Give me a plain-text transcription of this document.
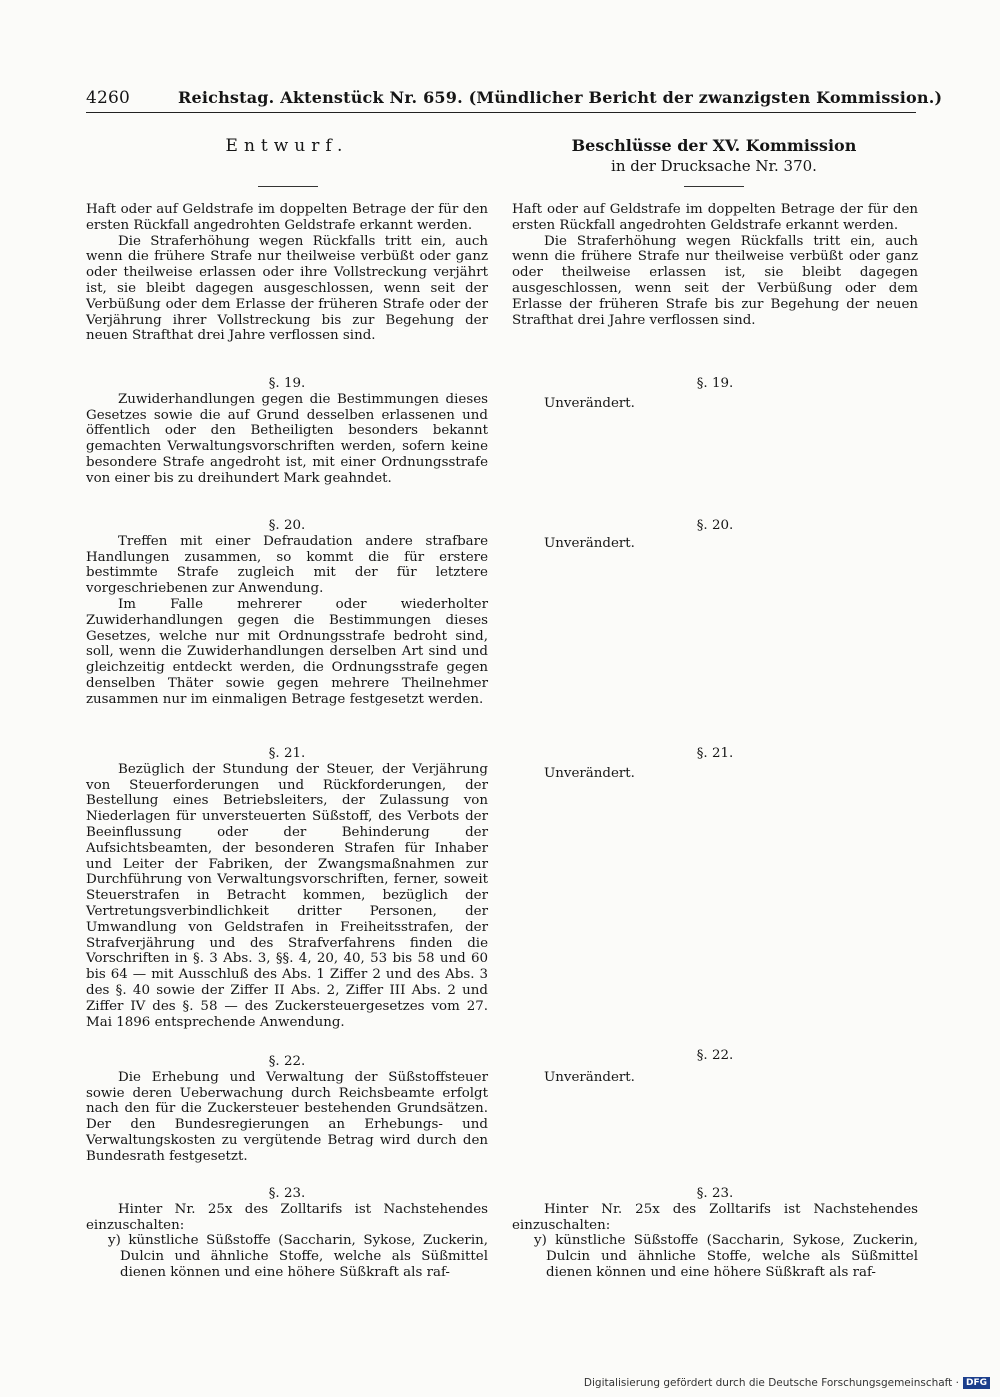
4260	Reichstag. Aktenstück Nr. 659. (Mündlicher Bericht der zwanzigsten Kommission.)
Entwurf.	Beschlüsse der XV. Kommission
in der Drucksache Nr. 370.

Haft oder auf Geldstrafe im doppelten Betrage der für den ersten Rückfall angedrohten Geldstrafe erkannt werden.

Die Straferhöhung wegen Rückfalls tritt ein, auch wenn die frühere Strafe nur theilweise verbüßt oder ganz oder theilweise erlassen oder ihre Vollstreckung verjährt ist, sie bleibt dagegen ausgeschlossen, wenn seit der Verbüßung oder dem Erlasse der früheren Strafe oder der Verjährung ihrer Vollstreckung bis zur Begehung der neuen Strafthat drei Jahre verflossen sind.

§. 19.

Zuwiderhandlungen gegen die Bestimmungen dieses Gesetzes sowie die auf Grund desselben erlassenen und öffentlich oder den Betheiligten besonders bekannt gemachten Verwaltungsvorschriften werden, sofern keine besondere Strafe angedroht ist, mit einer Ordnungsstrafe von einer bis zu dreihundert Mark geahndet.

§. 20.

Treffen mit einer Defraudation andere strafbare Handlungen zusammen, so kommt die für erstere bestimmte Strafe zugleich mit der für letztere vorgeschriebenen zur Anwendung.

Im Falle mehrerer oder wiederholter Zuwiderhandlungen gegen die Bestimmungen dieses Gesetzes, welche nur mit Ordnungsstrafe bedroht sind, soll, wenn die Zuwiderhandlungen derselben Art sind und gleichzeitig entdeckt werden, die Ordnungsstrafe gegen denselben Thäter sowie gegen mehrere Theilnehmer zusammen nur im einmaligen Betrage festgesetzt werden.

§. 21.

Bezüglich der Stundung der Steuer, der Verjährung von Steuerforderungen und Rückforderungen, der Bestellung eines Betriebsleiters, der Zulassung von Niederlagen für unversteuerten Süßstoff, des Verbots der Beeinflussung oder der Behinderung der Aufsichtsbeamten, der besonderen Strafen für Inhaber und Leiter der Fabriken, der Zwangsmaßnahmen zur Durchführung von Verwaltungsvorschriften, ferner, soweit Steuerstrafen in Betracht kommen, bezüglich der Vertretungsverbindlichkeit dritter Personen, der Umwandlung von Geldstrafen in Freiheitsstrafen, der Strafverjährung und des Strafverfahrens finden die Vorschriften in §. 3 Abs. 3, §§. 4, 20, 40, 53 bis 58 und 60 bis 64 — mit Ausschluß des Abs. 1 Ziffer 2 und des Abs. 3 des §. 40 sowie der Ziffer II Abs. 2, Ziffer III Abs. 2 und Ziffer IV des §. 58 — des Zuckersteuergesetzes vom 27. Mai 1896 entsprechende Anwendung.

§. 22.

Die Erhebung und Verwaltung der Süßstoffsteuer sowie deren Ueberwachung durch Reichsbeamte erfolgt nach den für die Zuckersteuer bestehenden Grundsätzen. Der den Bundesregierungen an Erhebungs- und Verwaltungskosten zu vergütende Betrag wird durch den Bundesrath festgesetzt.

§. 23.

Hinter Nr. 25x des Zolltarifs ist Nachstehendes einzuschalten:

y) künstliche Süßstoffe (Saccharin, Sykose, Zuckerin, Dulcin und ähnliche Stoffe, welche als Süßmittel dienen können und eine höhere Süßkraft als raf-

Haft oder auf Geldstrafe im doppelten Betrage der für den ersten Rückfall angedrohten Geldstrafe erkannt werden.

Die Straferhöhung wegen Rückfalls tritt ein, auch wenn die frühere Strafe nur theilweise verbüßt oder ganz oder theilweise erlassen ist, sie bleibt dagegen ausgeschlossen, wenn seit der Verbüßung oder dem Erlasse der früheren Strafe bis zur Begehung der neuen Strafthat drei Jahre verflossen sind.

§. 19.

Unverändert.

§. 20.

Unverändert.

§. 21.

Unverändert.

§. 22.

Unverändert.

§. 23.

Hinter Nr. 25x des Zolltarifs ist Nachstehendes einzuschalten:

y) künstliche Süßstoffe (Saccharin, Sykose, Zuckerin, Dulcin und ähnliche Stoffe, welche als Süßmittel dienen können und eine höhere Süßkraft als raf-

Digitalisierung gefördert durch die Deutsche Forschungsgemeinschaft · DFG
